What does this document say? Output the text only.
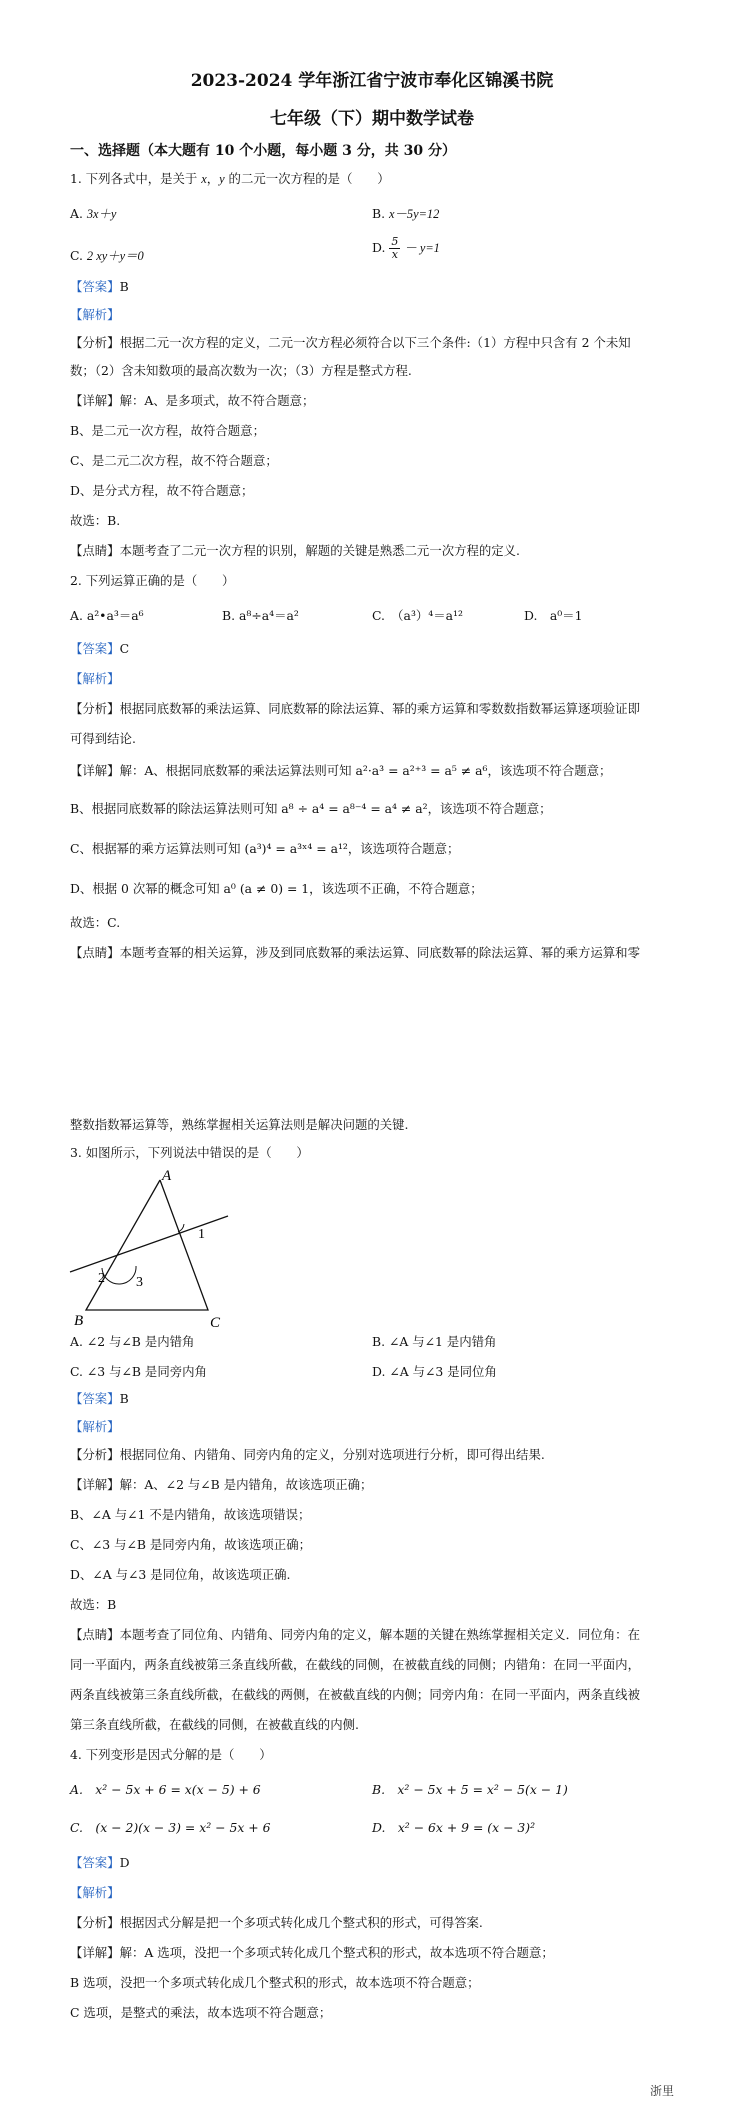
2023-2024 学年浙江省宁波市奉化区锦溪书院
七年级（下）期中数学试卷
一、选择题（本大题有 10 个小题，每小题 3 分，共 30 分）
1. 下列各式中，是关于 x，y 的二元一次方程的是（　　）
A. 3x＋y	B. x－5y=12
C. 2 xy＋y＝0
D. $\frac{5}{x} - y=1$
【答案】B
【解析】
【分析】根据二元一次方程的定义，二元一次方程必须符合以下三个条件:（1）方程中只含有 2 个未知
数；（2）含未知数项的最高次数为一次；（3）方程是整式方程.
【详解】解：A、是多项式，故不符合题意；
B、是二元一次方程，故符合题意；
C、是二元二次方程，故不符合题意；
D、是分式方程，故不符合题意；
故选：B.
【点睛】本题考查了二元一次方程的识别，解题的关键是熟悉二元一次方程的定义.
2. 下列运算正确的是（　　）
A. a²•a³＝a⁶	B. a⁸÷a⁴＝a²	C.　（a³）⁴＝a¹²	D.　a⁰＝1
【答案】C
【解析】
【分析】根据同底数幂的乘法运算、同底数幂的除法运算、幂的乘方运算和零数数指数幂运算逐项验证即
可得到结论.
【详解】解：A、根据同底数幂的乘法运算法则可知 a²·a³ = a²⁺³ = a⁵ ≠ a⁶，该选项不符合题意；
B、根据同底数幂的除法运算法则可知 a⁸ ÷ a⁴ = a⁸⁻⁴ = a⁴ ≠ a²，该选项不符合题意；
C、根据幂的乘方运算法则可知 (a³)⁴ = a³ˣ⁴ = a¹²，该选项符合题意；
D、根据 0 次幂的概念可知 a⁰ (a ≠ 0) = 1，该选项不正确，不符合题意；
故选：C.
【点睛】本题考查幂的相关运算，涉及到同底数幂的乘法运算、同底数幂的除法运算、幂的乘方运算和零
整数指数幂运算等，熟练掌握相关运算法则是解决问题的关键.
3. 如图所示，下列说法中错误的是（　　）
A
B	C
1
2 3
A. ∠2 与∠B 是内错角	B. ∠A 与∠1 是内错角
C. ∠3 与∠B 是同旁内角	D. ∠A 与∠3 是同位角
【答案】B
【解析】
【分析】根据同位角、内错角、同旁内角的定义，分别对选项进行分析，即可得出结果.
【详解】解：A、∠2 与∠B 是内错角，故该选项正确；
B、∠A 与∠1 不是内错角，故该选项错误；
C、∠3 与∠B 是同旁内角，故该选项正确；
D、∠A 与∠3 是同位角，故该选项正确.
故选：B
【点睛】本题考查了同位角、内错角、同旁内角的定义，解本题的关键在熟练掌握相关定义．同位角：在
同一平面内，两条直线被第三条直线所截，在截线的同侧，在被截直线的同侧；内错角：在同一平面内，
两条直线被第三条直线所截，在截线的两侧，在被截直线的内侧；同旁内角：在同一平面内，两条直线被
第三条直线所截，在截线的同侧，在被截直线的内侧.
4. 下列变形是因式分解的是（　　）
A.　x² − 5x + 6 = x(x − 5) + 6	B.　x² − 5x + 5 = x² − 5(x − 1)
C.　(x − 2)(x − 3) = x² − 5x + 6	D.　x² − 6x + 9 = (x − 3)²
【答案】D
【解析】
【分析】根据因式分解是把一个多项式转化成几个整式积的形式，可得答案.
【详解】解：A 选项，没把一个多项式转化成几个整式积的形式，故本选项不符合题意；
B 选项，没把一个多项式转化成几个整式积的形式，故本选项不符合题意；
C 选项，是整式的乘法，故本选项不符合题意；
浙里
